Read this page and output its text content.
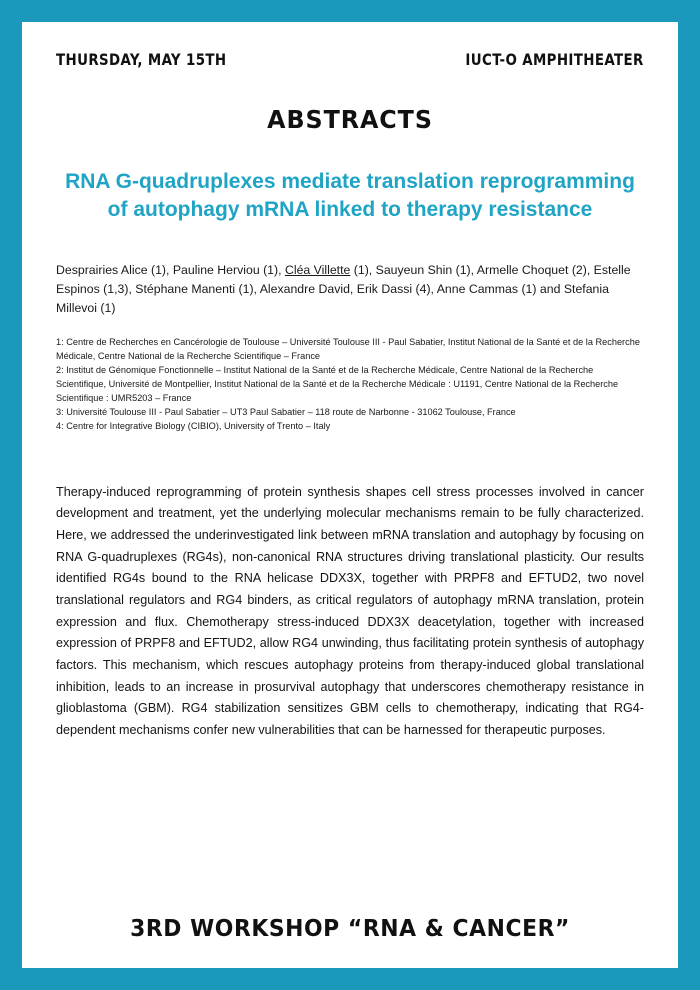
THURSDAY, MAY 15TH	IUCT-O AMPHITHEATER
ABSTRACTS
RNA G-quadruplexes mediate translation reprogramming
of autophagy mRNA linked to therapy resistance
Desprairies Alice (1), Pauline Herviou (1), Cléa Villette (1), Sauyeun Shin (1), Armelle Choquet (2), Estelle Espinos (1,3), Stéphane Manenti (1), Alexandre David, Erik Dassi (4), Anne Cammas (1) and Stefania Millevoi (1)
1: Centre de Recherches en Cancérologie de Toulouse – Université Toulouse III - Paul Sabatier, Institut National de la Santé et de la Recherche Médicale, Centre National de la Recherche Scientifique – France
2: Institut de Génomique Fonctionnelle – Institut National de la Santé et de la Recherche Médicale, Centre National de la Recherche Scientifique, Université de Montpellier, Institut National de la Santé et de la Recherche Médicale : U1191, Centre National de la Recherche Scientifique : UMR5203 – France
3: Université Toulouse III - Paul Sabatier – UT3 Paul Sabatier – 118 route de Narbonne - 31062 Toulouse, France
4: Centre for Integrative Biology (CIBIO), University of Trento – Italy
Therapy-induced reprogramming of protein synthesis shapes cell stress processes involved in cancer development and treatment, yet the underlying molecular mechanisms remain to be fully characterized. Here, we addressed the underinvestigated link between mRNA translation and autophagy by focusing on RNA G-quadruplexes (RG4s), non-canonical RNA structures driving translational plasticity. Our results identified RG4s bound to the RNA helicase DDX3X, together with PRPF8 and EFTUD2, two novel translational regulators and RG4 binders, as critical regulators of autophagy mRNA translation, protein expression and flux. Chemotherapy stress-induced DDX3X deacetylation, together with increased expression of PRPF8 and EFTUD2, allow RG4 unwinding, thus facilitating protein synthesis of autophagy factors. This mechanism, which rescues autophagy proteins from therapy-induced global translational inhibition, leads to an increase in prosurvival autophagy that underscores chemotherapy resistance in glioblastoma (GBM). RG4 stabilization sensitizes GBM cells to chemotherapy, indicating that RG4-dependent mechanisms confer new vulnerabilities that can be harnessed for therapeutic purposes.
3RD WORKSHOP “RNA & CANCER”
